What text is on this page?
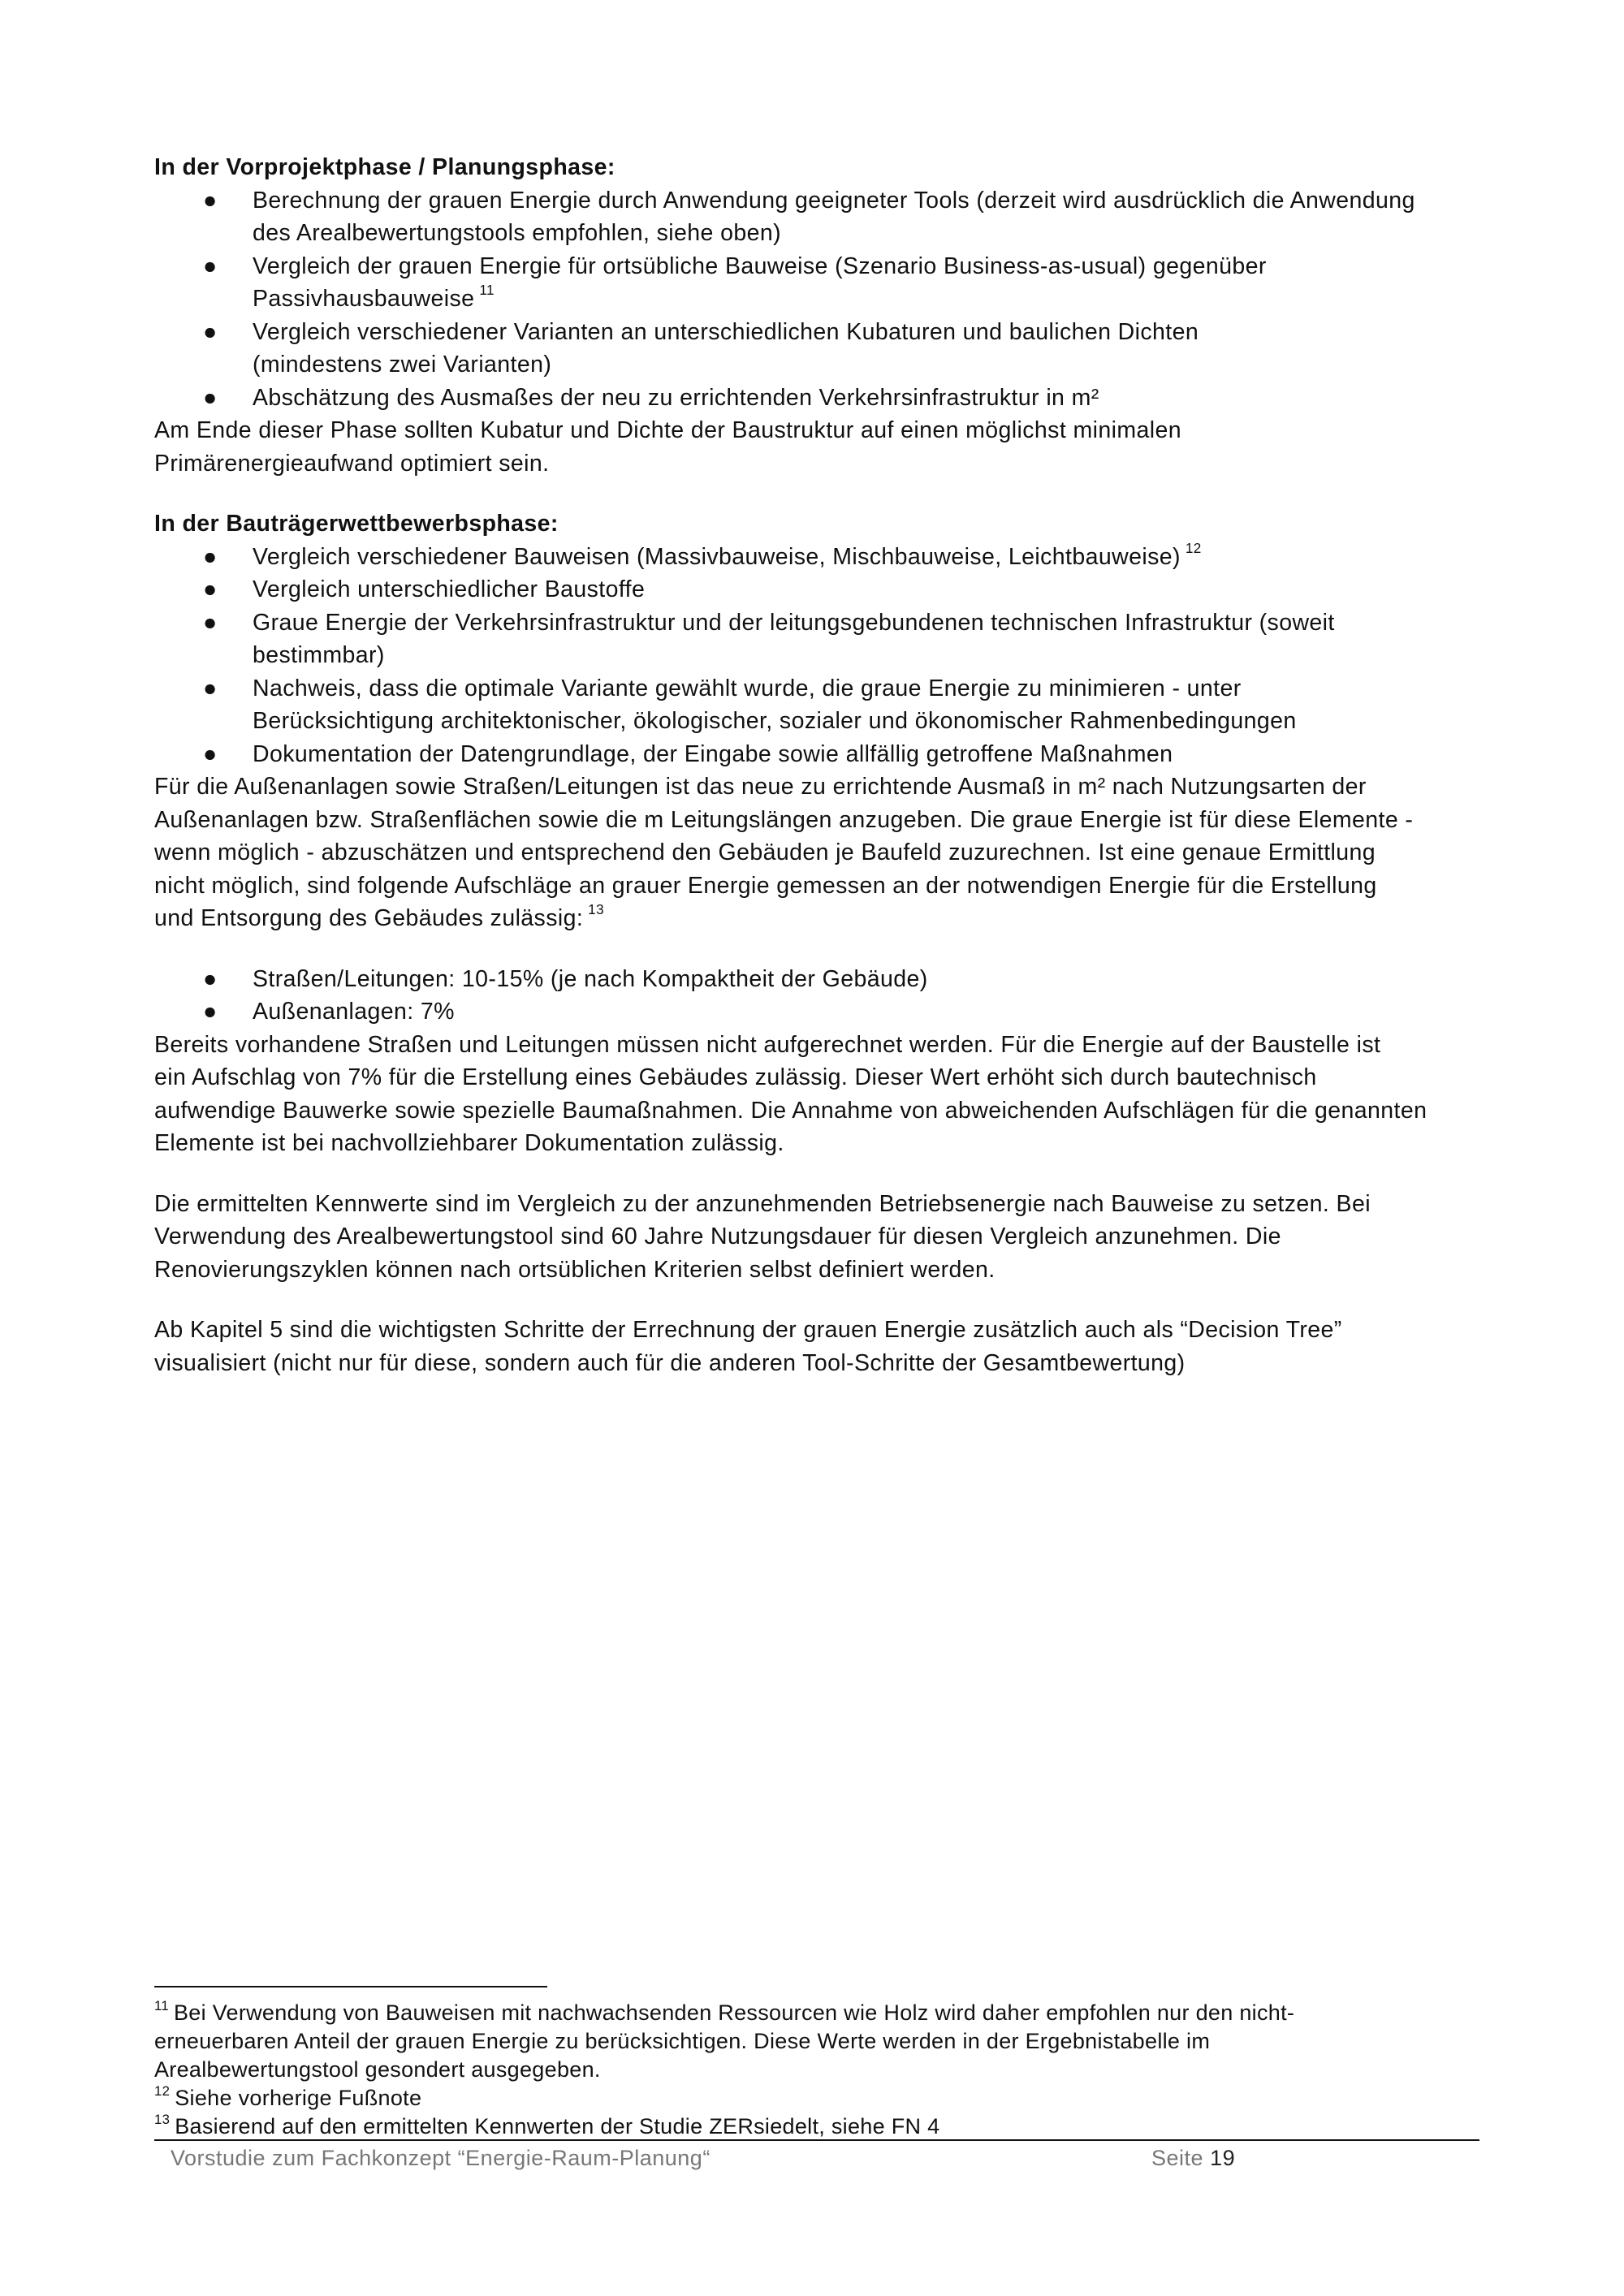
In der Vorprojektphase / Planungsphase:

●	Berechnung der grauen Energie durch Anwendung geeigneter Tools (derzeit wird ausdrücklich die Anwendung
des Arealbewertungstools empfohlen, siehe oben)
●	Vergleich der grauen Energie für ortsübliche Bauweise (Szenario Business-as-usual) gegenüber
Passivhausbauweise $^{11}$
●	Vergleich verschiedener Varianten an unterschiedlichen Kubaturen und baulichen Dichten
(mindestens zwei Varianten)
●	Abschätzung des Ausmaßes der neu zu errichtenden Verkehrsinfrastruktur in m²

Am Ende dieser Phase sollten Kubatur und Dichte der Baustruktur auf einen möglichst minimalen
Primärenergieaufwand optimiert sein.

In der Bauträgerwettbewerbsphase:

●	Vergleich verschiedener Bauweisen (Massivbauweise, Mischbauweise, Leichtbauweise) $^{12}$
●	Vergleich unterschiedlicher Baustoffe
●	Graue Energie der Verkehrsinfrastruktur und der leitungsgebundenen technischen Infrastruktur (soweit
bestimmbar)
●	Nachweis, dass die optimale Variante gewählt wurde, die graue Energie zu minimieren - unter
Berücksichtigung architektonischer, ökologischer, sozialer und ökonomischer Rahmenbedingungen
●	Dokumentation der Datengrundlage, der Eingabe sowie allfällig getroffene Maßnahmen

Für die Außenanlagen sowie Straßen/Leitungen ist das neue zu errichtende Ausmaß in m² nach Nutzungsarten der
Außenanlagen bzw. Straßenflächen sowie die m Leitungslängen anzugeben. Die graue Energie ist für diese Elemente -
wenn möglich - abzuschätzen und entsprechend den Gebäuden je Baufeld zuzurechnen. Ist eine genaue Ermittlung
nicht möglich, sind folgende Aufschläge an grauer Energie gemessen an der notwendigen Energie für die Erstellung
und Entsorgung des Gebäudes zulässig: $^{13}$

●	Straßen/Leitungen: 10-15% (je nach Kompaktheit der Gebäude)
●	Außenanlagen: 7%

Bereits vorhandene Straßen und Leitungen müssen nicht aufgerechnet werden. Für die Energie auf der Baustelle ist
ein Aufschlag von 7% für die Erstellung eines Gebäudes zulässig. Dieser Wert erhöht sich durch bautechnisch
aufwendige Bauwerke sowie spezielle Baumaßnahmen. Die Annahme von abweichenden Aufschlägen für die genannten
Elemente ist bei nachvollziehbarer Dokumentation zulässig.

Die ermittelten Kennwerte sind im Vergleich zu der anzunehmenden Betriebsenergie nach Bauweise zu setzen. Bei
Verwendung des Arealbewertungstool sind 60 Jahre Nutzungsdauer für diesen Vergleich anzunehmen. Die
Renovierungszyklen können nach ortsüblichen Kriterien selbst definiert werden.

Ab Kapitel 5 sind die wichtigsten Schritte der Errechnung der grauen Energie zusätzlich auch als “Decision Tree”
visualisiert (nicht nur für diese, sondern auch für die anderen Tool-Schritte der Gesamtbewertung)

$^{11}$ Bei Verwendung von Bauweisen mit nachwachsenden Ressourcen wie Holz wird daher empfohlen nur den nicht-
erneuerbaren Anteil der grauen Energie zu berücksichtigen. Diese Werte werden in der Ergebnistabelle im
Arealbewertungstool gesondert ausgegeben.

$^{12}$ Siehe vorherige Fußnote

$^{13}$ Basierend auf den ermittelten Kennwerten der Studie ZERsiedelt, siehe FN 4

Vorstudie zum Fachkonzept “Energie-Raum-Planung“	Seite 19
